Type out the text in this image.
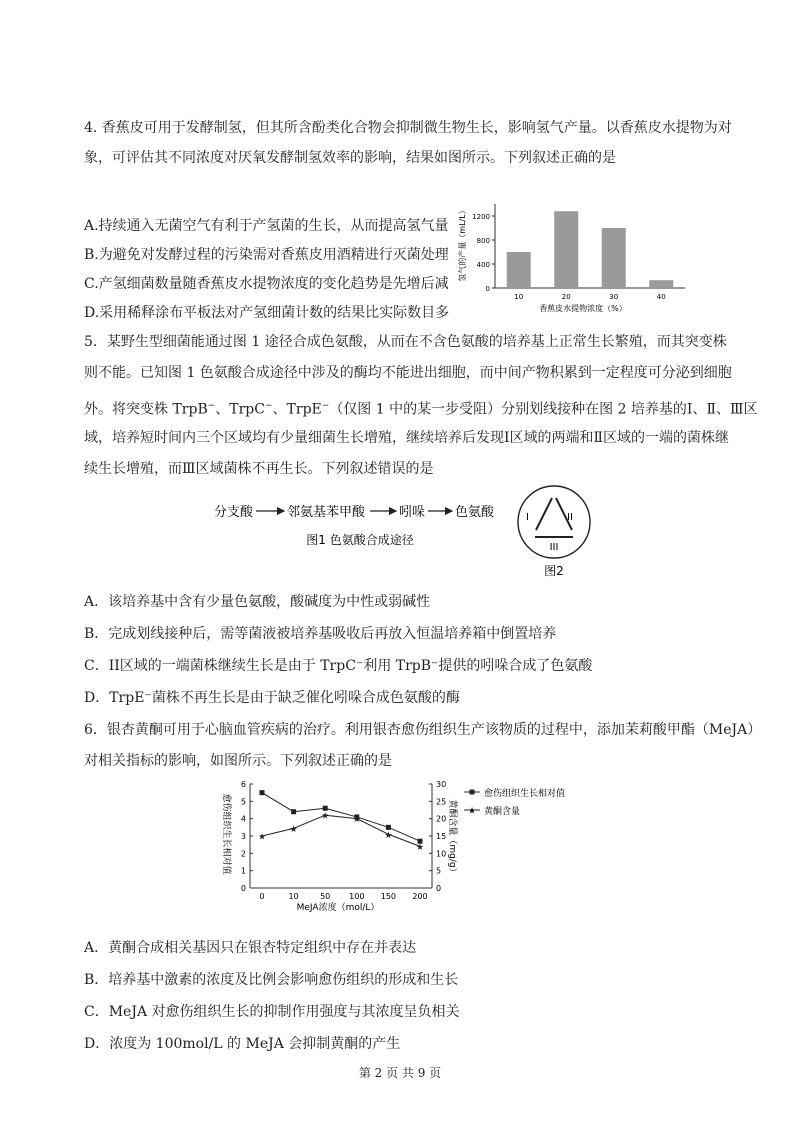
4. 香蕉皮可用于发酵制氢，但其所含酚类化合物会抑制微生物生长，影响氢气产量。以香蕉皮水提物为对
象，可评估其不同浓度对厌氧发酵制氢效率的影响，结果如图所示。下列叙述正确的是
A.持续通入无菌空气有利于产氢菌的生长，从而提高氢气量
B.为避免对发酵过程的污染需对香蕉皮用酒精进行灭菌处理
C.产氢细菌数量随香蕉皮水提物浓度的变化趋势是先增后减
D.采用稀释涂布平板法对产氢细菌计数的结果比实际数目多
0
400
800
1200
10	20	30	40
氢气的产量（mL/L）
香蕉皮水提物浓度（%）
5．某野生型细菌能通过图 1 途径合成色氨酸，从而在不含色氨酸的培养基上正常生长繁殖，而其突变株
则不能。已知图 1 色氨酸合成途径中涉及的酶均不能进出细胞，而中间产物积累到一定程度可分泌到细胞
外。将突变株 TrpB−、TrpC−、TrpE−（仅图 1 中的某一步受阻）分别划线接种在图 2 培养基的Ⅰ、Ⅱ、Ⅲ区
域，培养短时间内三个区域均有少量细菌生长增殖，继续培养后发现Ⅰ区域的两端和Ⅱ区域的一端的菌株继
续生长增殖，而Ⅲ区域菌株不再生长。下列叙述错误的是
分支酸	邻氨基苯甲酸	吲哚 色氨酸
图1 色氨酸合成途径
I	II
III
图2
A．该培养基中含有少量色氨酸，酸碱度为中性或弱碱性
B．完成划线接种后，需等菌液被培养基吸收后再放入恒温培养箱中倒置培养
C．II区域的一端菌株继续生长是由于 TrpC⁻利用 TrpB⁻提供的吲哚合成了色氨酸
D．TrpE⁻菌株不再生长是由于缺乏催化吲哚合成色氨酸的酶
6．银杏黄酮可用于心脑血管疾病的治疗。利用银杏愈伤组织生产该物质的过程中，添加茉莉酸甲酯（MeJA）
对相关指标的影响，如图所示。下列叙述正确的是
0
1
2
3
4
5
6
0
5
10
15
20
25
30
0	10	50 100 150 200
★
★
★	★
★
★
愈伤组织生长相对值	黄酮含量（mg/g）
MeJA浓度（mol/L）
愈伤组织生长相对值
★ 黄酮含量
A．黄酮合成相关基因只在银杏特定组织中存在并表达
B．培养基中激素的浓度及比例会影响愈伤组织的形成和生长
C．MeJA 对愈伤组织生长的抑制作用强度与其浓度呈负相关
D．浓度为 100mol/L 的 MeJA 会抑制黄酮的产生
第 2 页 共 9 页
